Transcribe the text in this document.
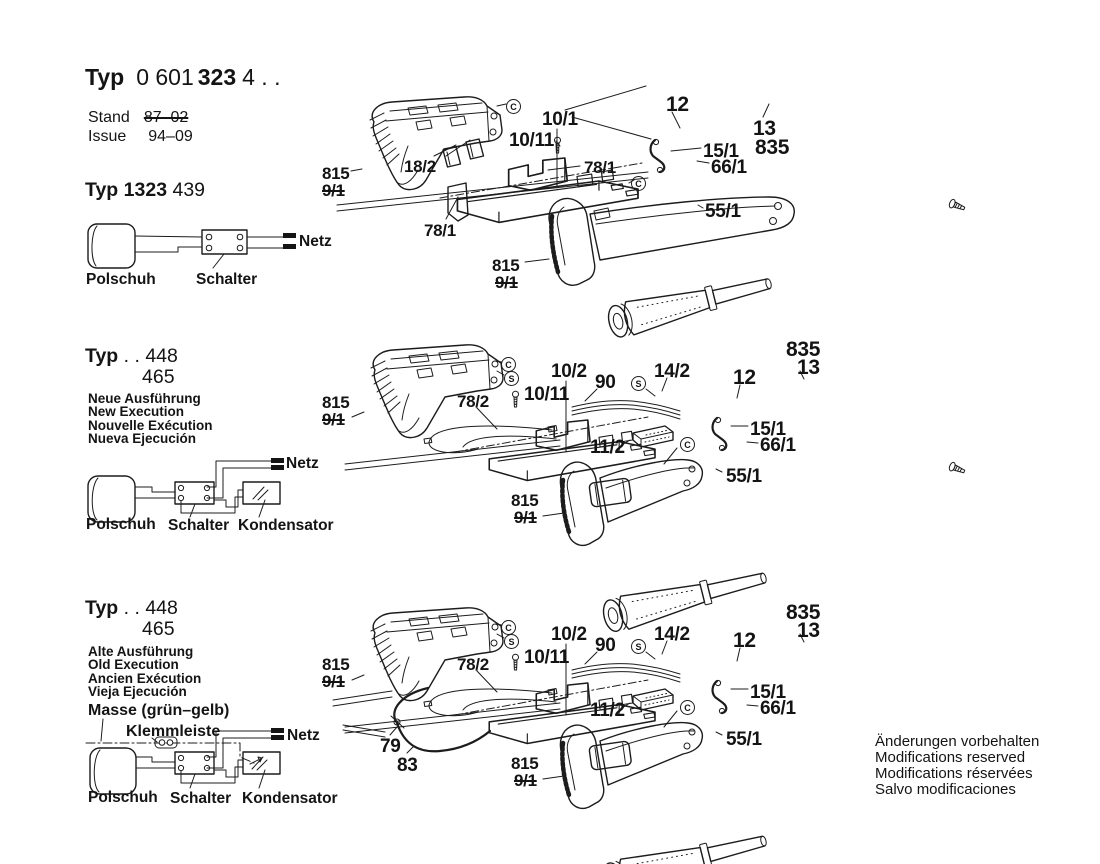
Typ 0 601 323 4 . .
Stand 87–02
Issue 94–09
Typ 1323 439
Polschuh	Schalter
Netz
815
9/1
18/2
78/1
10/1
10/11
78/1
12
13
835
15/1
66/1
55/1
815
9/1
C
C
Typ . . 448
465
Neue Ausführung
New Execution
Nouvelle Exécution
Nueva Ejecución
Netz
Polschuh Schalter Kondensator
815
9/1
78/2
10/2
10/11
90
14/2 12
835
13
15/1
66/1
11/2
55/1
815
9/1
C
S	S
C
Typ . . 448
465
Alte Ausführung
Old Execution
Ancien Exécution
Vieja Ejecución
Masse (grün–gelb)
Klemmleiste	Netz
Polschuh Schalter Kondensator
815
9/1
78/2
10/2
10/11
90
14/2 12
835
13
15/1
66/1
11/2
55/1
79
83	815
9/1
C
S	S
C
Änderungen vorbehalten
Modifications reserved
Modifications réservées
Salvo modificaciones
